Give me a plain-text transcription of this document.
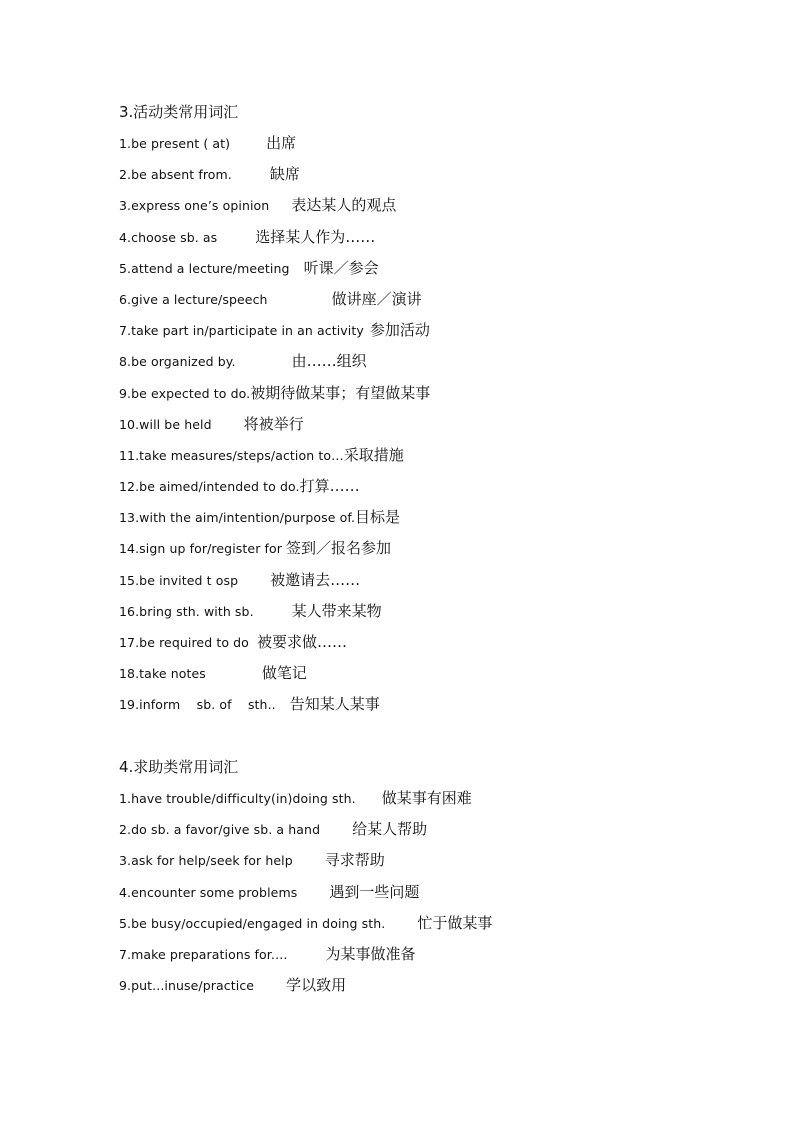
3.活动类常用词汇
1.be present ( at) 出席
2.be absent from.	缺席
3.express one’s opinion 表达某人的观点
4.choose sb. as	选择某人作为……
5.attend a lecture/meeting 听课／参会
6.give a lecture/speech	做讲座／演讲
7.take part in/participate in an activity 参加活动
8.be organized by.	由……组织
9.be expected to do.被期待做某事；有望做某事
10.will be held 将被举行
11.take measures/steps/action to…采取措施
12.be aimed/intended to do.打算……
13.with the aim/intention/purpose of.目标是
14.sign up for/register for 签到／报名参加
15.be invited t osp 被邀请去……
16.bring sth. with sb.	某人带来某物
17.be required to do 被要求做……
18.take notes	做笔记
19.inform    sb. of    sth.. 告知某人某事
4.求助类常用词汇
1.have trouble/difficulty(in)doing sth. 做某事有困难
2.do sb. a favor/give sb. a hand 给某人帮助
3.ask for help/seek for help 寻求帮助
4.encounter some problems 遇到一些问题
5.be busy/occupied/engaged in doing sth. 忙于做某事
7.make preparations for.…	为某事做准备
9.put...inuse/practice 学以致用
